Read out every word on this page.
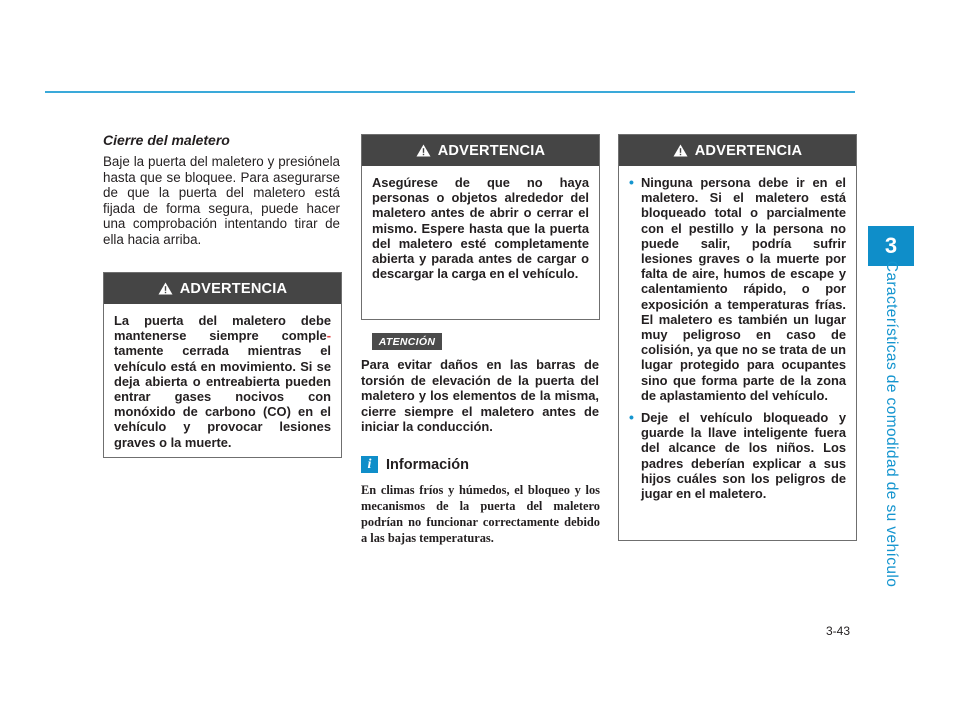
3
Características de comodidad de su vehículo

Cierre del maletero

Baje la puerta del maletero y presiónela hasta que se bloquee. Para asegurarse de que la puerta del maletero está fijada de forma segura, puede hacer una comprobación intentando tirar de ella hacia arriba.

ADVERTENCIA
La puerta del maletero debe mantenerse siempre comple-tamente cerrada mientras el vehículo está en movimiento. Si se deja abierta o entreabierta pueden entrar gases nocivos con monóxido de carbono (CO) en el vehículo y provocar lesiones graves o la muerte.
ADVERTENCIA
Asegúrese de que no haya personas o objetos alrededor del maletero antes de abrir o cerrar el mismo. Espere hasta que la puerta del maletero esté completamente abierta y parada antes de cargar o descargar la carga en el vehículo.
ATENCIÓN

Para evitar daños en las barras de torsión de elevación de la puerta del maletero y los elementos de la misma, cierre siempre el maletero antes de iniciar la conducción.

i	Información

En climas fríos y húmedos, el bloqueo y los mecanismos de la puerta del maletero podrían no funcionar correctamente debido a las bajas temperaturas.

ADVERTENCIA
• Ninguna persona debe ir en el maletero. Si el maletero está bloqueado total o parcialmente con el pestillo y la persona no puede salir, podría sufrir lesiones graves o la muerte por falta de aire, humos de escape y calentamiento rápido, o por exposición a temperaturas frías. El maletero es también un lugar muy peligroso en caso de colisión, ya que no se trata de un lugar protegido para ocupantes sino que forma parte de la zona de aplastamiento del vehículo.
• Deje el vehículo bloqueado y guarde la llave inteligente fuera del alcance de los niños. Los padres deberían explicar a sus hijos cuáles son los peligros de jugar en el maletero.
3-43
